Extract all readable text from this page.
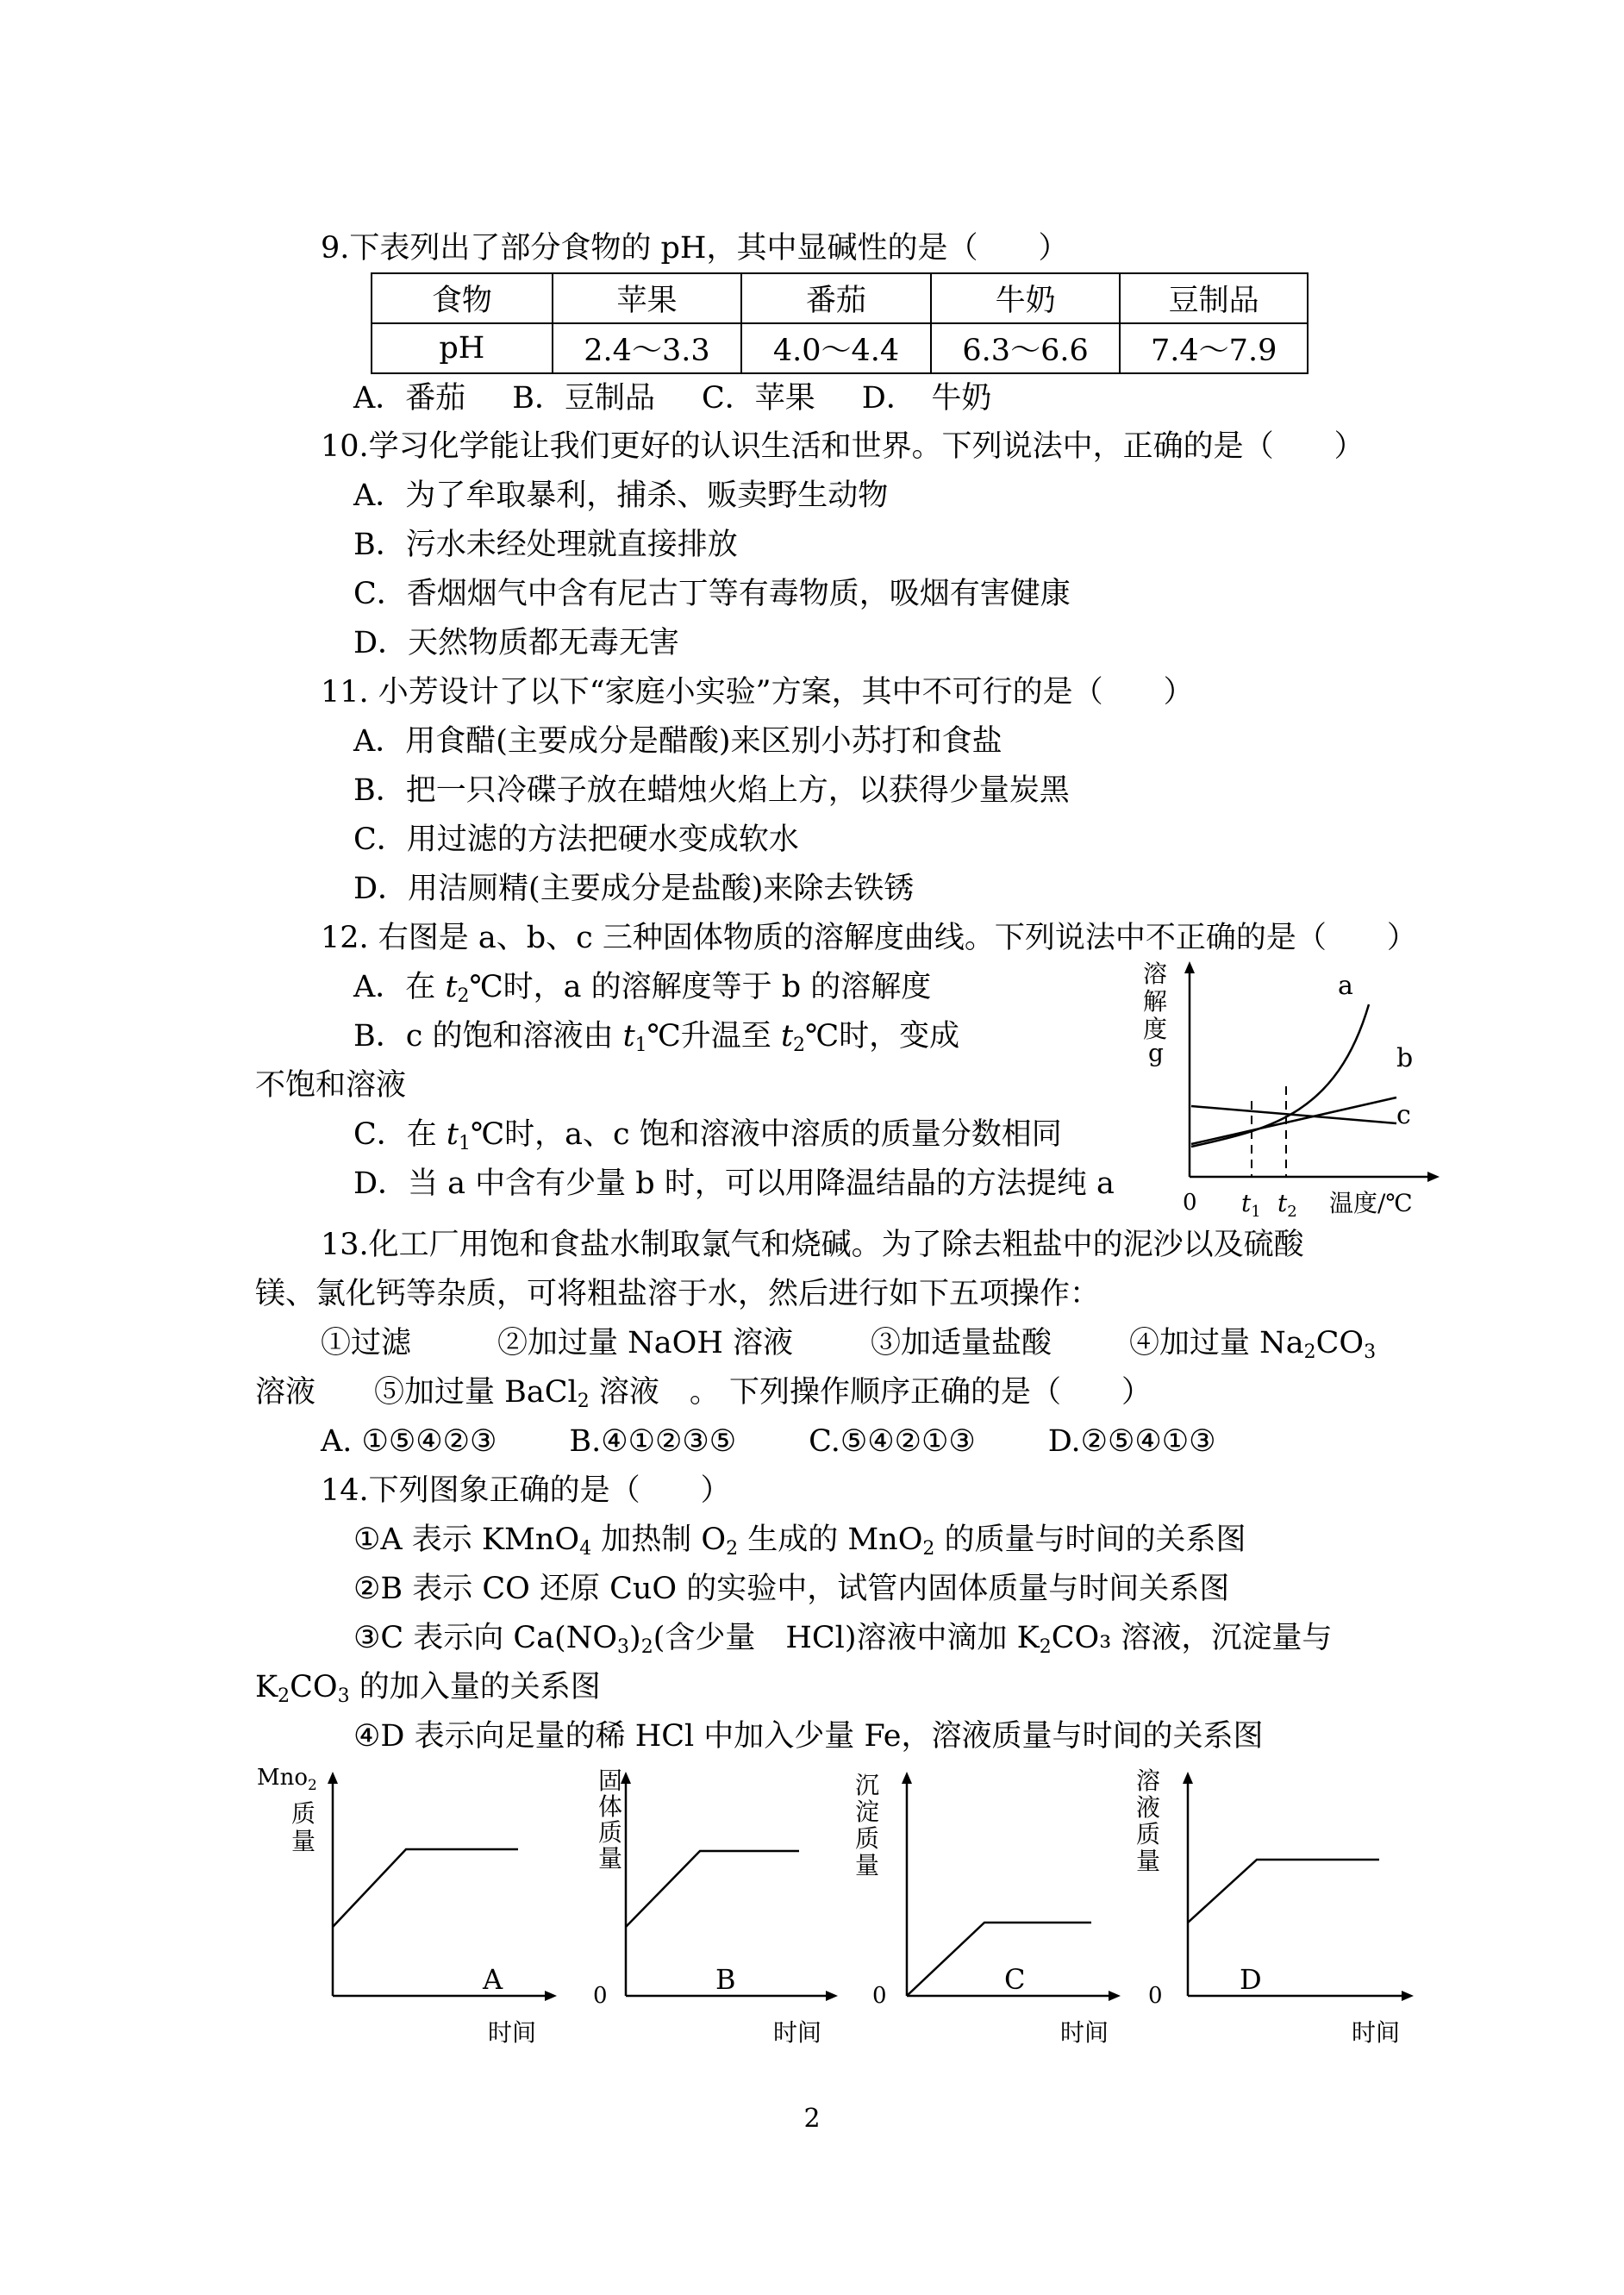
9.下表列出了部分食物的 pH，其中显碱性的是（　　）
食物	苹果	番茄	牛奶	豆制品
pH	2.4～3.3	4.0～4.4	6.3～6.6	7.4～7.9
A．番茄 B．豆制品 C．苹果 D．　牛奶
10.学习化学能让我们更好的认识生活和世界。下列说法中，正确的是（　　）
A．为了牟取暴利，捕杀、贩卖野生动物
B．污水未经处理就直接排放
C．香烟烟气中含有尼古丁等有毒物质，吸烟有害健康
D．天然物质都无毒无害
11. 小芳设计了以下“家庭小实验”方案，其中不可行的是（　　）
A．用食醋(主要成分是醋酸)来区别小苏打和食盐
B．把一只冷碟子放在蜡烛火焰上方，以获得少量炭黑
C．用过滤的方法把硬水变成软水
D．用洁厕精(主要成分是盐酸)来除去铁锈
12. 右图是 a、b、c 三种固体物质的溶解度曲线。下列说法中不正确的是（　　）
A．在 $t_2℃$时，a 的溶解度等于 b 的溶解度
B．c 的饱和溶液由 $t_1℃$升温至 $t_2℃$时，变成
不饱和溶液
C．在 $t_1℃$时，a、c 饱和溶液中溶质的质量分数相同
D．当 a 中含有少量 b 时，可以用降温结晶的方法提纯 a
a
b
c
溶
解
度
g
0 $t_1$ $t_2$ 温度/℃
13.化工厂用饱和食盐水制取氯气和烧碱。为了除去粗盐中的泥沙以及硫酸
镁、氯化钙等杂质，可将粗盐溶于水，然后进行如下五项操作：
①过滤	②加过量 NaOH 溶液	③加适量盐酸	④加过量 $Na_2CO_3$
溶液 ⑤加过量 BaCl$_2$ 溶液　。 下列操作顺序正确的是（　　）
A. ①⑤④②③ B.④①②③⑤ C.⑤④②①③ D.②⑤④①③
14.下列图象正确的是（　　）
①A 表示 KMnO$_4$ 加热制 $O_2$ 生成的 MnO$_2$ 的质量与时间的关系图
②B 表示 CO 还原 CuO 的实验中，试管内固体质量与时间关系图
③C 表示向 $Ca(NO_3)_2$(含少量　HCl)溶液中滴加 $K_2CO_3$ 溶液，沉淀量与
$K_2CO_3$ 的加入量的关系图
④D 表示向足量的稀 HCl 中加入少量 Fe，溶液质量与时间的关系图
Mno$_2$
质
量
A
时间
固
体
质
量
0	B
时间
沉
淀
质
量
0	C
时间
溶
液
质
量
0	D
时间
2
